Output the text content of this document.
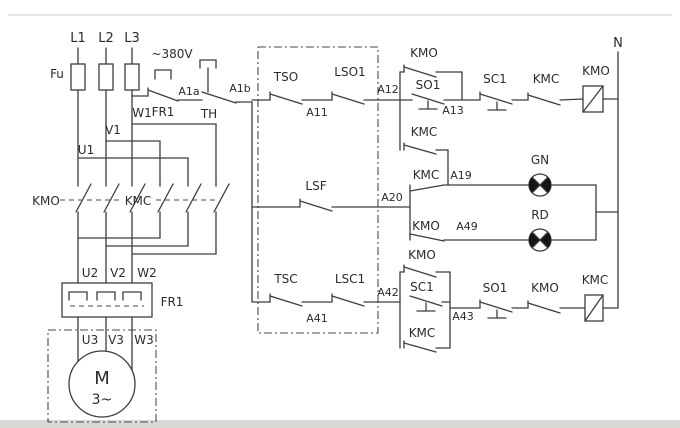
L1 L2 L3
Fu
~380V
FR1
A1a
TH
A1b
W1
V1
U1
KMO	KMC
U2 V2 W2
FR1
U3 V3 W3
M
3~
TSO
A11
LSO1
LSF
TSC
A41
LSC1
A12
KMO
SO1
A13
SC1 KMC
KMO
N
KMC
KMC A19
GN
A20
KMO A49
RD
A42
KMO
SC1
A43
KMC
SO1 KMO
KMC
